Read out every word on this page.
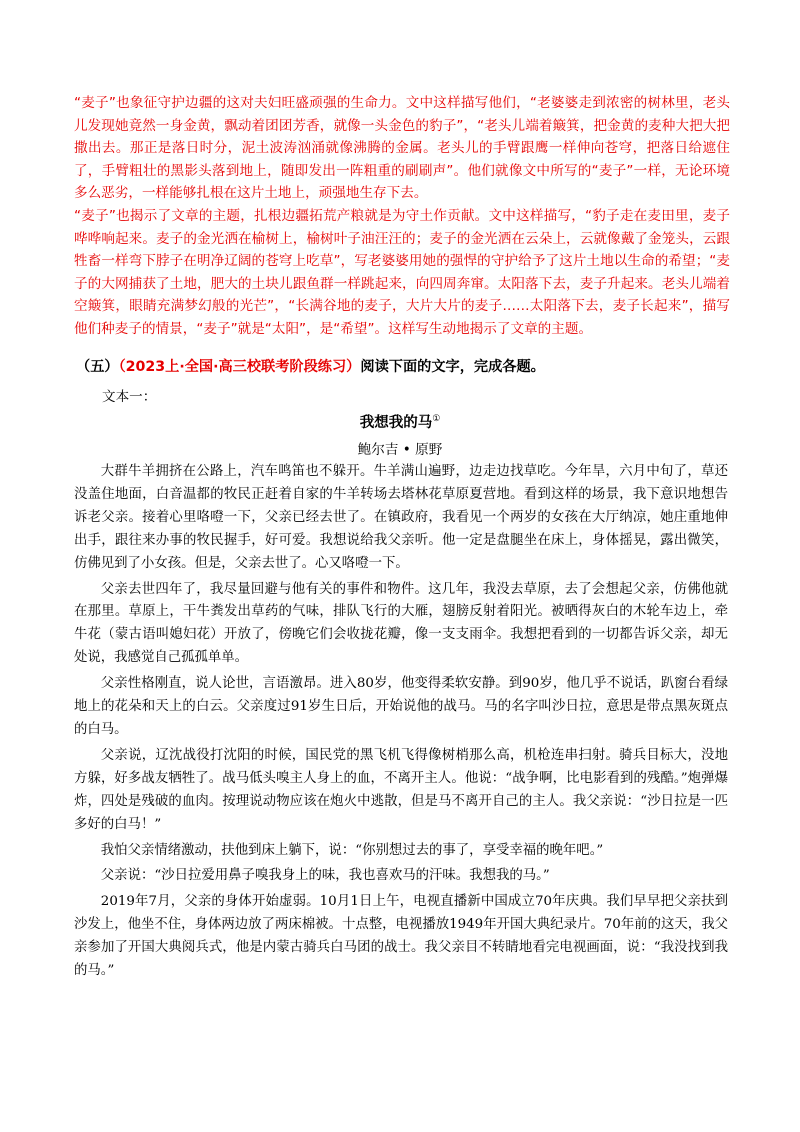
“麦子”也象征守护边疆的这对夫妇旺盛顽强的生命力。文中这样描写他们，“老婆婆走到浓密的树林里，老头儿发现她竟然一身金黄，飘动着团团芳香，就像一头金色的豹子”，“老头儿端着簸箕，把金黄的麦种大把大把撒出去。那正是落日时分，泥土波涛汹涌就像沸腾的金属。老头儿的手臂跟鹰一样伸向苍穹，把落日给遮住了，手臂粗壮的黑影头落到地上，随即发出一阵粗重的刷刷声”。他们就像文中所写的“麦子”一样，无论环境多么恶劣，一样能够扎根在这片土地上，顽强地生存下去。

“麦子”也揭示了文章的主题，扎根边疆拓荒产粮就是为守土作贡献。文中这样描写，“豹子走在麦田里，麦子哗哗响起来。麦子的金光洒在榆树上，榆树叶子油汪汪的；麦子的金光洒在云朵上，云就像戴了金笼头，云跟牲畜一样弯下脖子在明净辽阔的苍穹上吃草”，写老婆婆用她的强悍的守护给予了这片土地以生命的希望；“麦子的大网捕获了土地，肥大的土块儿跟鱼群一样跳起来，向四周奔窜。太阳落下去，麦子升起来。老头儿端着空簸箕，眼睛充满梦幻般的光芒”，“长满谷地的麦子，大片大片的麦子……太阳落下去，麦子长起来”，描写他们种麦子的情景，“麦子”就是“太阳”，是“希望”。这样写生动地揭示了文章的主题。

（五）（2023上·全国·高三校联考阶段练习）阅读下面的文字，完成各题。
文本一：
我想我的马①
鲍尔吉 • 原野

大群牛羊拥挤在公路上，汽车鸣笛也不躲开。牛羊满山遍野，边走边找草吃。今年旱，六月中旬了，草还没盖住地面，白音温都的牧民正赶着自家的牛羊转场去塔林花草原夏营地。看到这样的场景，我下意识地想告诉老父亲。接着心里咯噔一下，父亲已经去世了。在镇政府，我看见一个两岁的女孩在大厅纳凉，她庄重地伸出手，跟往来办事的牧民握手，好可爱。我想说给我父亲听。他一定是盘腿坐在床上，身体摇晃，露出微笑，仿佛见到了小女孩。但是，父亲去世了。心又咯噔一下。

父亲去世四年了，我尽量回避与他有关的事件和物件。这几年，我没去草原，去了会想起父亲，仿佛他就在那里。草原上，干牛粪发出草药的气味，排队飞行的大雁，翅膀反射着阳光。被晒得灰白的木轮车边上，牵牛花（蒙古语叫媳妇花）开放了，傍晚它们会收拢花瓣，像一支支雨伞。我想把看到的一切都告诉父亲，却无处说，我感觉自己孤孤单单。

父亲性格刚直，说人论世，言语激昂。进入80岁，他变得柔软安静。到90岁，他几乎不说话，趴窗台看绿地上的花朵和天上的白云。父亲度过91岁生日后，开始说他的战马。马的名字叫沙日拉，意思是带点黑灰斑点的白马。

父亲说，辽沈战役打沈阳的时候，国民党的黑飞机飞得像树梢那么高，机枪连串扫射。骑兵目标大，没地方躲，好多战友牺牲了。战马低头嗅主人身上的血，不离开主人。他说：“战争啊，比电影看到的残酷。”炮弹爆炸，四处是残破的血肉。按理说动物应该在炮火中逃散，但是马不离开自己的主人。我父亲说：“沙日拉是一匹多好的白马！”

我怕父亲情绪激动，扶他到床上躺下，说：“你别想过去的事了，享受幸福的晚年吧。”

父亲说：“沙日拉爱用鼻子嗅我身上的味，我也喜欢马的汗味。我想我的马。”

2019年7月，父亲的身体开始虚弱。10月1日上午，电视直播新中国成立70年庆典。我们早早把父亲扶到沙发上，他坐不住，身体两边放了两床棉被。十点整，电视播放1949年开国大典纪录片。70年前的这天，我父亲参加了开国大典阅兵式，他是内蒙古骑兵白马团的战士。我父亲目不转睛地看完电视画面，说：“我没找到我的马。”
